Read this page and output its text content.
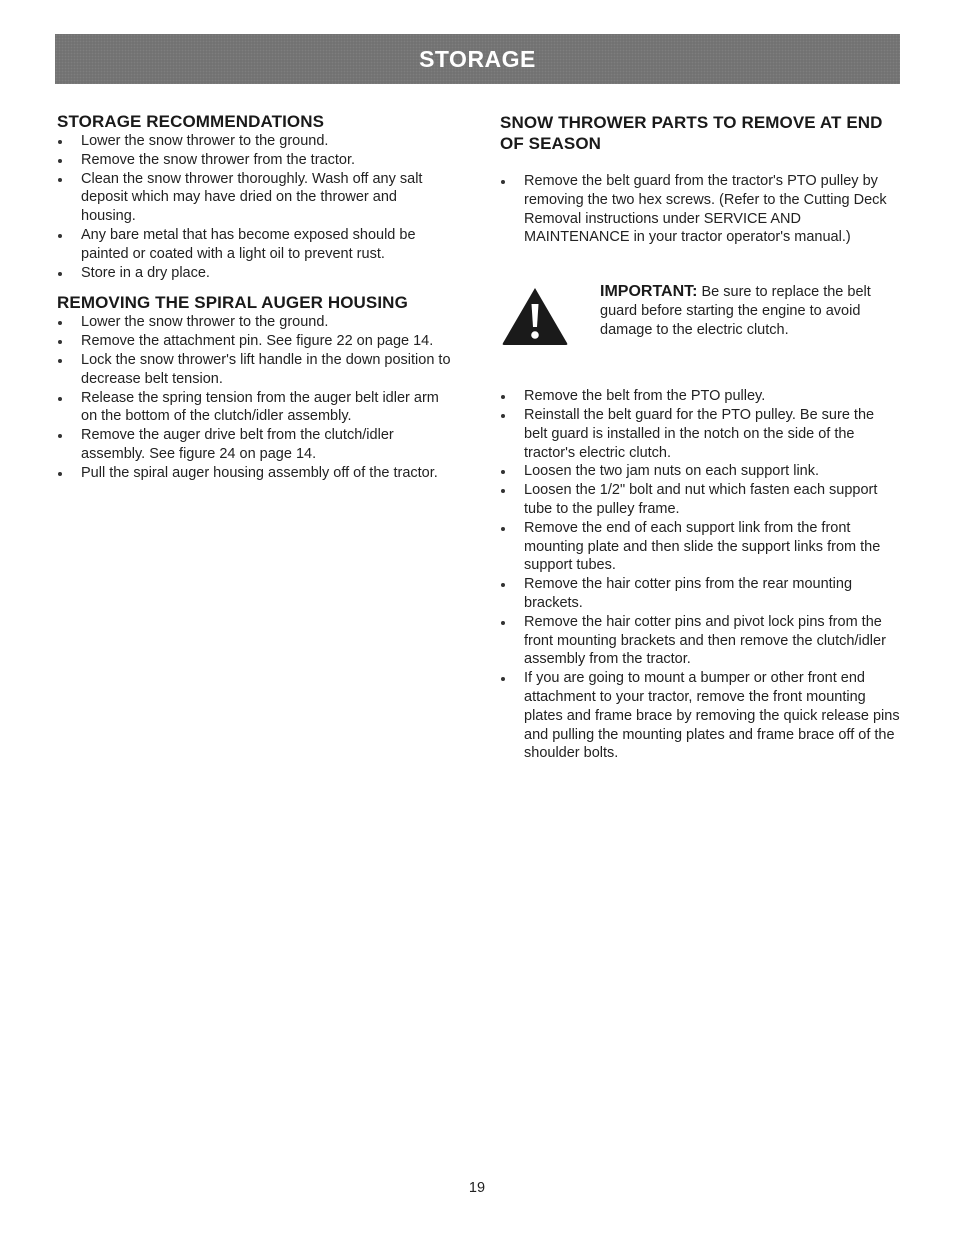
STORAGE
STORAGE RECOMMENDATIONS
Lower the snow thrower to the ground.
Remove the snow thrower from the tractor.
Clean the snow thrower thoroughly. Wash off any salt deposit which may have dried on the thrower and housing.
Any bare metal that has become exposed should be painted or coated with a light oil to prevent rust.
Store in a dry place.
REMOVING THE SPIRAL AUGER HOUSING
Lower the snow thrower to the ground.
Remove the attachment pin. See figure 22 on page 14.
Lock the snow thrower's lift handle in the down position to decrease belt tension.
Release the spring tension from the auger belt idler arm on the bottom of the clutch/idler assembly.
Remove the auger drive belt from the clutch/idler assembly. See figure 24 on page 14.
Pull the spiral auger housing assembly off of the tractor.
SNOW THROWER PARTS TO REMOVE AT END OF SEASON
Remove the belt guard from the tractor's PTO pulley by removing the two hex screws. (Refer to the Cutting Deck Removal instructions under SERVICE AND MAINTENANCE in your tractor operator's manual.)
IMPORTANT: Be sure to replace the belt guard before starting the engine to avoid damage to the electric clutch.
Remove the belt from the PTO pulley.
Reinstall the belt guard for the PTO pulley. Be sure the belt guard is installed in the notch on the side of the tractor's electric clutch.
Loosen the two jam nuts on each support link.
Loosen the 1/2" bolt and nut which fasten each support tube to the pulley frame.
Remove the end of each support link from the front mounting plate and then slide the support links from the support tubes.
Remove the hair cotter pins from the rear mounting brackets.
Remove the hair cotter pins and pivot lock pins from the front mounting brackets and then remove the clutch/idler assembly from the tractor.
If you are going to mount a bumper or other front end attachment to your tractor, remove the front mounting plates and frame brace by removing the quick release pins and pulling the mounting plates and frame brace off of the shoulder bolts.
19
